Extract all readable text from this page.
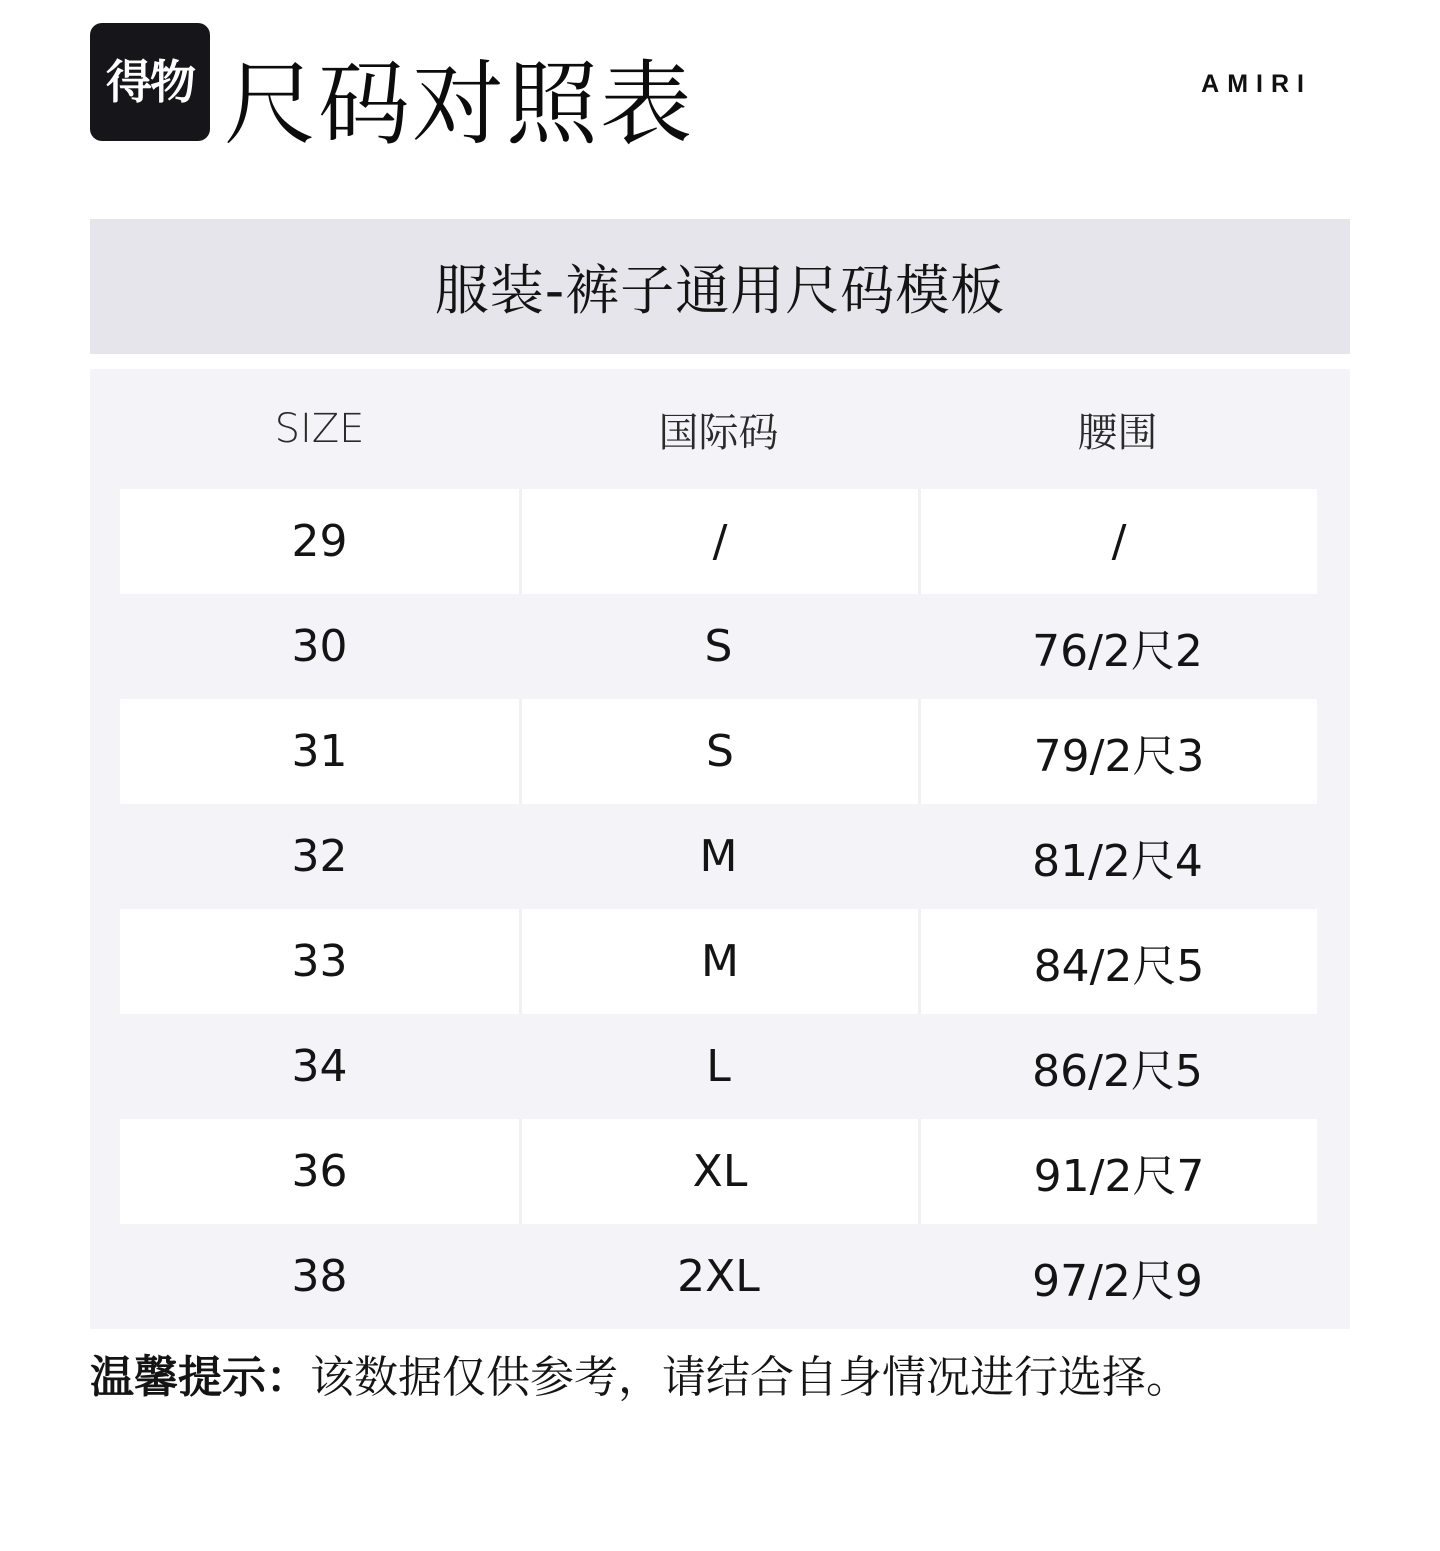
得物 尺码对照表	AMIRI
服装-裤子通用尺码模板
SIZE	国际码	腰围
29	/	/
30	S	76/2尺2
31	S	79/2尺3
32	M	81/2尺4
33	M	84/2尺5
34	L	86/2尺5
36	XL	91/2尺7
38	2XL	97/2尺9
温馨提示：该数据仅供参考，请结合自身情况进行选择。
